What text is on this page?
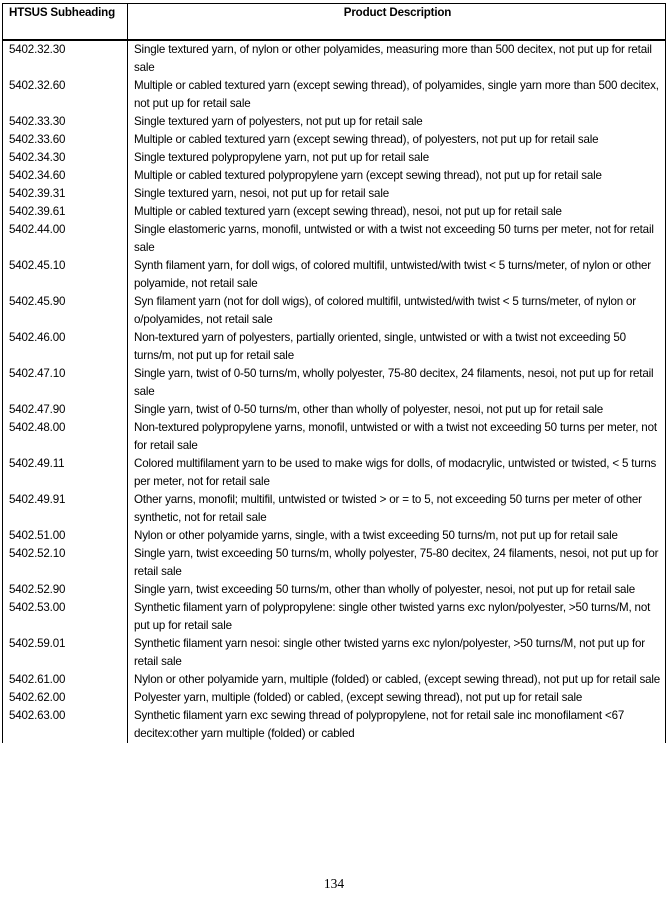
HTSUS Subheading	Product Description
5402.32.30	Single textured yarn, of nylon or other polyamides, measuring more than 500 decitex, not put up for retail sale
5402.32.60	Multiple or cabled textured yarn (except sewing thread), of polyamides, single yarn more than 500 decitex, not put up for retail sale
5402.33.30	Single textured yarn of polyesters, not put up for retail sale
5402.33.60	Multiple or cabled textured yarn (except sewing thread), of polyesters, not put up for retail sale
5402.34.30	Single textured polypropylene yarn, not put up for retail sale
5402.34.60	Multiple or cabled textured polypropylene yarn (except sewing thread), not put up for retail sale
5402.39.31	Single textured yarn, nesoi, not put up for retail sale
5402.39.61	Multiple or cabled textured yarn (except sewing thread), nesoi, not put up for retail sale
5402.44.00	Single elastomeric yarns, monofil, untwisted or with a twist not exceeding 50 turns per meter, not for retail sale
5402.45.10	Synth filament yarn, for doll wigs, of colored multifil, untwisted/with twist < 5 turns/meter, of nylon or other polyamide, not retail sale
5402.45.90	Syn filament yarn (not for doll wigs), of colored multifil, untwisted/with twist < 5 turns/meter, of nylon or o/polyamides, not retail sale
5402.46.00	Non-textured yarn of polyesters, partially oriented, single, untwisted or with a twist not exceeding 50 turns/m, not put up for retail sale
5402.47.10	Single yarn, twist of 0-50 turns/m, wholly polyester, 75-80 decitex, 24 filaments, nesoi, not put up for retail sale
5402.47.90	Single yarn, twist of 0-50 turns/m, other than wholly of polyester, nesoi, not put up for retail sale
5402.48.00	Non-textured polypropylene yarns, monofil, untwisted or with a twist not exceeding 50 turns per meter, not for retail sale
5402.49.11	Colored multifilament yarn to be used to make wigs for dolls, of modacrylic, untwisted or twisted, < 5 turns per meter, not for retail sale
5402.49.91	Other yarns, monofil; multifil, untwisted or twisted > or = to 5, not exceeding 50 turns per meter of other synthetic, not for retail sale
5402.51.00	Nylon or other polyamide yarns, single, with a twist exceeding 50 turns/m, not put up for retail sale
5402.52.10	Single yarn, twist exceeding 50 turns/m, wholly polyester, 75-80 decitex, 24 filaments, nesoi, not put up for retail sale
5402.52.90	Single yarn, twist exceeding 50 turns/m, other than wholly of polyester, nesoi, not put up for retail sale
5402.53.00	Synthetic filament yarn of polypropylene: single other twisted yarns exc nylon/polyester, >50 turns/M, not put up for retail sale
5402.59.01	Synthetic filament yarn nesoi: single other twisted yarns exc nylon/polyester, >50 turns/M, not put up for retail sale
5402.61.00	Nylon or other polyamide yarn, multiple (folded) or cabled, (except sewing thread), not put up for retail sale
5402.62.00	Polyester yarn, multiple (folded) or cabled, (except sewing thread), not put up for retail sale
5402.63.00	Synthetic filament yarn exc sewing thread of polypropylene, not for retail sale inc monofilament <67 decitex:other yarn multiple (folded) or cabled
134
